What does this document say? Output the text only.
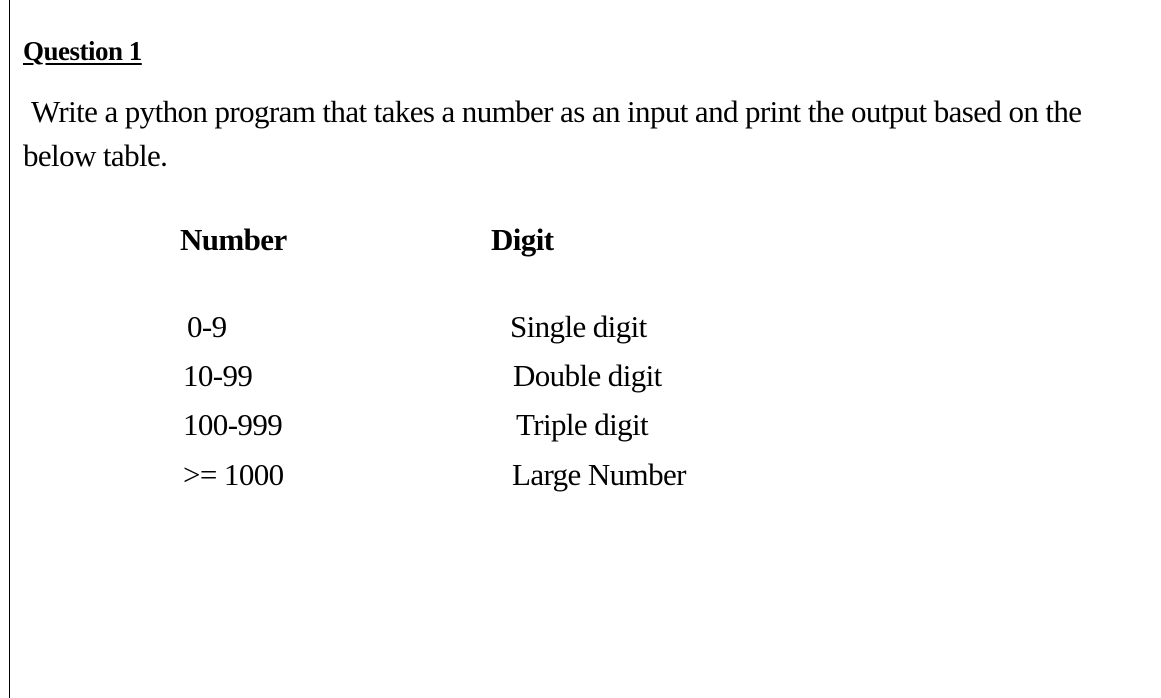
Question 1
Write a python program that takes a number as an input and print the output based on the below table.
Number	Digit
0-9	Single digit
10-99	Double digit
100-999	Triple digit
>= 1000	Large Number
